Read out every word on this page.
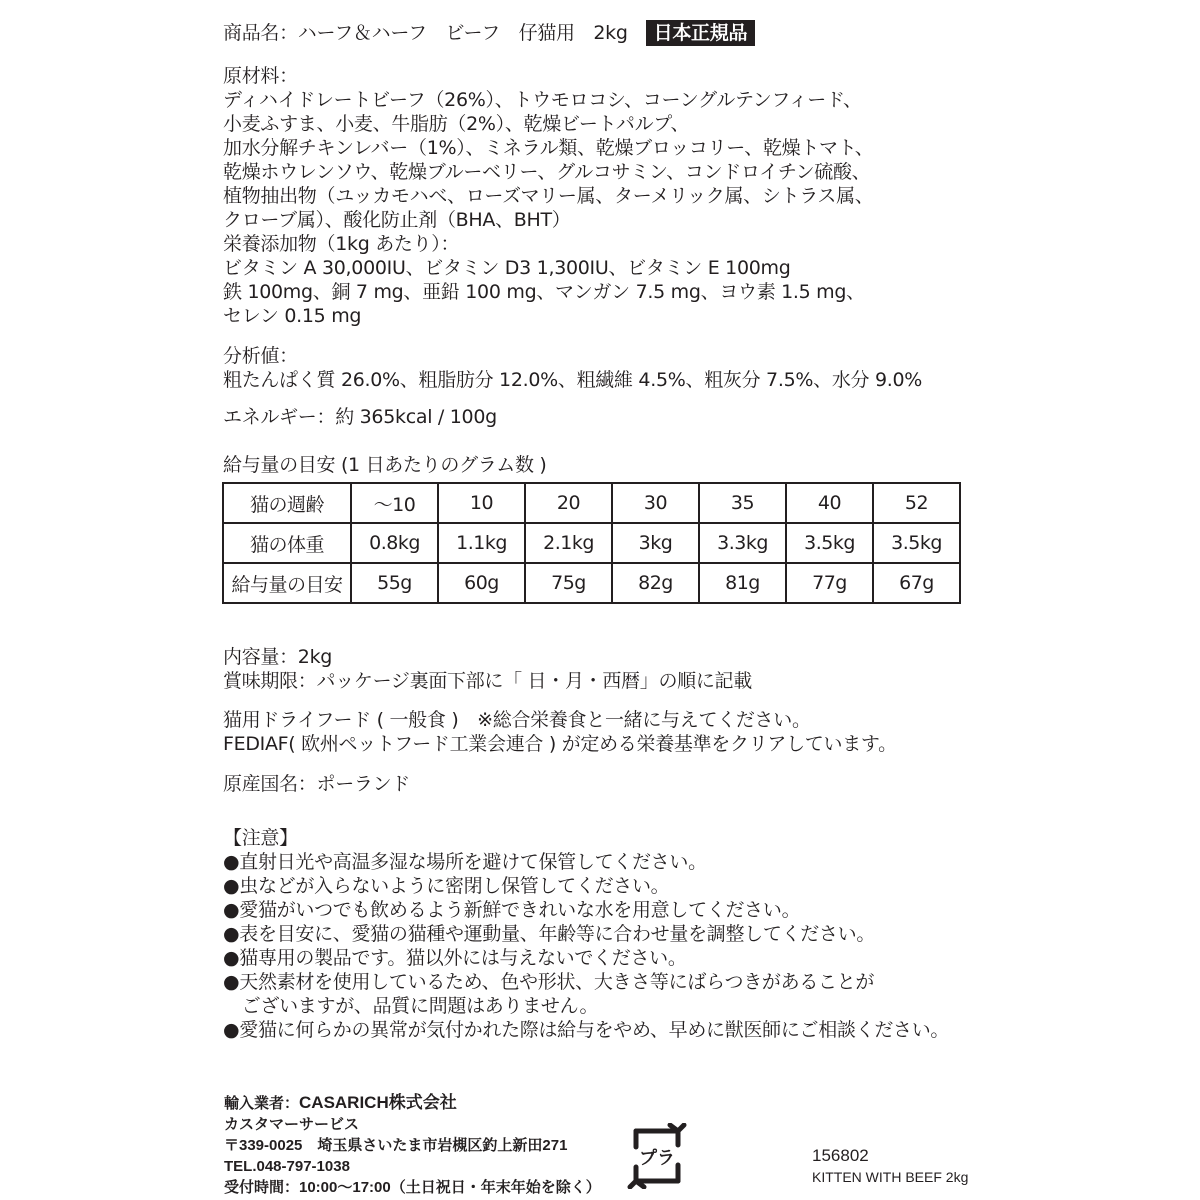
商品名：ハーフ＆ハーフ　ビーフ　仔猫用　2kg 日本正規品
原材料：
ディハイドレートビーフ（26%）、トウモロコシ、コーングルテンフィード、
小麦ふすま、小麦、牛脂肪（2%）、乾燥ビートパルプ、
加水分解チキンレバー（1%）、ミネラル類、乾燥ブロッコリー、乾燥トマト、
乾燥ホウレンソウ、乾燥ブルーベリー、グルコサミン、コンドロイチン硫酸、
植物抽出物（ユッカモハベ、ローズマリー属、ターメリック属、シトラス属、
クローブ属）、酸化防止剤（BHA、BHT）
栄養添加物（1kg あたり）：
ビタミン A 30,000IU、ビタミン D3 1,300IU、ビタミン E 100mg
鉄 100mg、銅 7 mg、亜鉛 100 mg、マンガン 7.5 mg、ヨウ素 1.5 mg、
セレン 0.15 mg
分析値：
粗たんぱく質 26.0%、粗脂肪分 12.0%、粗繊維 4.5%、粗灰分 7.5%、水分 9.0%
エネルギー：約 365kcal / 100g
給与量の目安 (1 日あたりのグラム数 )
猫の週齢	～10	10	20	30	35	40	52
猫の体重	0.8kg	1.1kg	2.1kg	3kg	3.3kg	3.5kg	3.5kg
給与量の目安	55g	60g	75g	82g	81g	77g	67g
内容量：2kg
賞味期限：パッケージ裏面下部に「 日・月・西暦」の順に記載
猫用ドライフード ( 一般食 )　※総合栄養食と一緒に与えてください。
FEDIAF( 欧州ペットフード工業会連合 ) が定める栄養基準をクリアしています。
原産国名：ポーランド
【注意】
●直射日光や高温多湿な場所を避けて保管してください。
●虫などが入らないように密閉し保管してください。
●愛猫がいつでも飲めるよう新鮮できれいな水を用意してください。
●表を目安に、愛猫の猫種や運動量、年齢等に合わせ量を調整してください。
●猫専用の製品です。猫以外には与えないでください。
●天然素材を使用しているため、色や形状、大きさ等にばらつきがあることが
　ございますが、品質に問題はありません。
●愛猫に何らかの異常が気付かれた際は給与をやめ、早めに獣医師にご相談ください。
輸入業者：CASARICH株式会社
カスタマーサービス
〒339-0025　埼玉県さいたま市岩槻区釣上新田271
TEL.048-797-1038
受付時間：10:00～17:00（土日祝日・年末年始を除く）
プラ	156802
KITTEN WITH BEEF 2kg
